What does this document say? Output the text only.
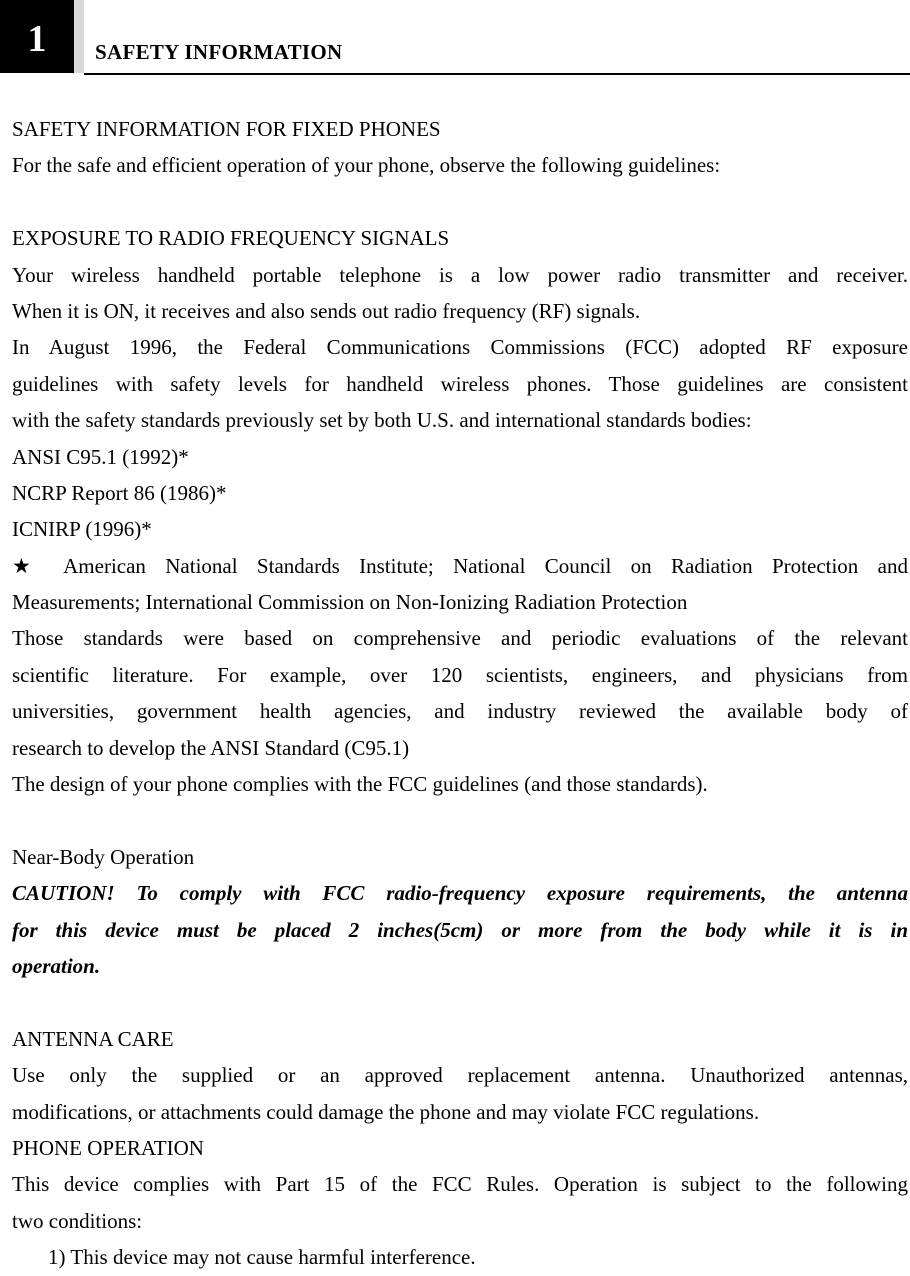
1	SAFETY INFORMATION
SAFETY INFORMATION FOR FIXED PHONES
For the safe and efficient operation of your phone, observe the following guidelines:
EXPOSURE TO RADIO FREQUENCY SIGNALS
Your wireless handheld portable telephone is a low power radio transmitter and receiver.
When it is ON, it receives and also sends out radio frequency (RF) signals.
In August 1996, the Federal Communications Commissions (FCC) adopted RF exposure
guidelines with safety levels for handheld wireless phones. Those guidelines are consistent
with the safety standards previously set by both U.S. and international standards bodies:
ANSI C95.1 (1992)*
NCRP Report 86 (1986)*
ICNIRP (1996)*
★ American National Standards Institute; National Council on Radiation Protection and
Measurements; International Commission on Non-Ionizing Radiation Protection
Those standards were based on comprehensive and periodic evaluations of the relevant
scientific literature. For example, over 120 scientists, engineers, and physicians from
universities, government health agencies, and industry reviewed the available body of
research to develop the ANSI Standard (C95.1)
The design of your phone complies with the FCC guidelines (and those standards).
Near-Body Operation
CAUTION! To comply with FCC radio-frequency exposure requirements, the antenna
for this device must be placed 2 inches(5cm) or more from the body while it is in
operation.
ANTENNA CARE
Use only the supplied or an approved replacement antenna. Unauthorized antennas,
modifications, or attachments could damage the phone and may violate FCC regulations.
PHONE OPERATION
This device complies with Part 15 of the FCC Rules. Operation is subject to the following
two conditions:
1) This device may not cause harmful interference.
